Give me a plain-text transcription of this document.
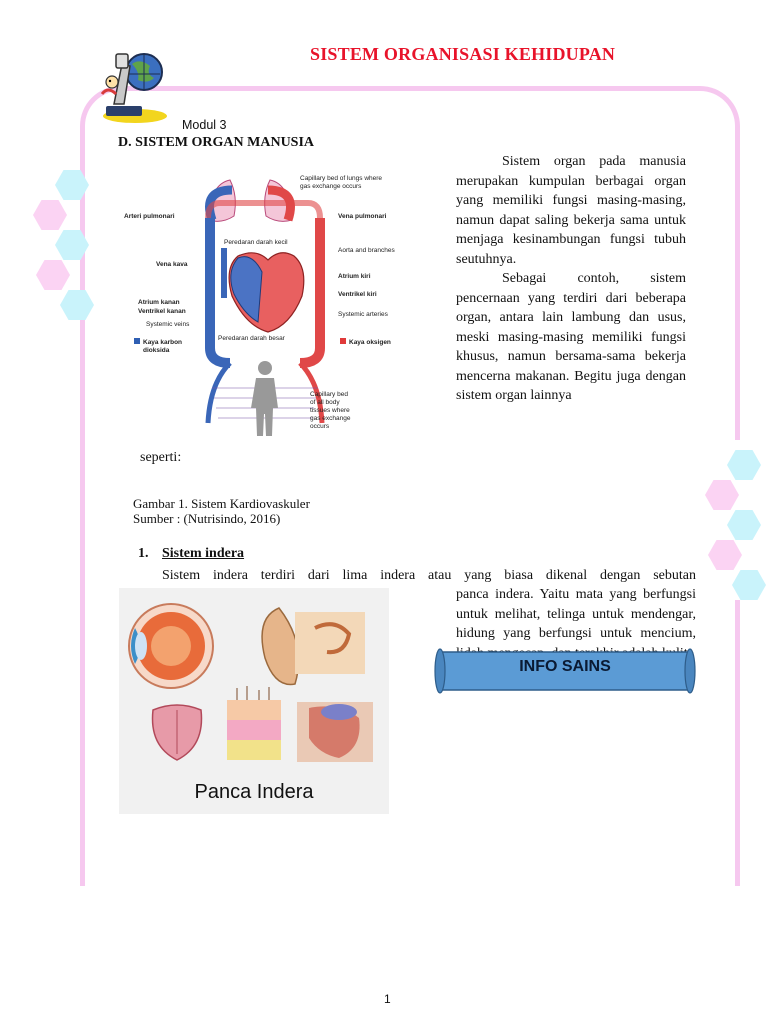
SISTEM ORGANISASI KEHIDUPAN
Modul 3
D. SISTEM ORGAN MANUSIA
Capillary bed of lungs where
gas exchange occurs
Arteri pulmonari	Vena pulmonari
Peredaran darah kecil
Aorta and branches
Vena kava
Atrium kiri
Ventrikel kiri
Atrium kanan
Ventrikel kanan	Systemic arteries
Systemic veins
Peredaran darah besar
Kaya karbon
dioksida
Kaya oksigen
Capillary bed
of all body
tissues where
gas exchange
occurs

Sistem organ pada manusia merupakan kumpulan berbagai organ yang memiliki fungsi masing-masing, namun dapat saling bekerja sama untuk menjaga kesinambungan fungsi tubuh seutuhnya.

Sebagai contoh, sistem pencernaan yang terdiri dari beberapa organ, antara lain lambung dan usus, meski masing-masing memiliki fungsi khusus, namun bersama-sama bekerja mencerna makanan. Begitu juga dengan sistem organ lainnya

seperti:
Gambar 1. Sistem Kardiovaskuler
Sumber : (Nutrisindo, 2016)
1. Sistem indera
Sistem indera terdiri dari lima indera atau yang biasa dikenal dengan sebutan
panca indera. Yaitu mata yang berfungsi untuk melihat, telinga untuk mendengar, hidung yang berfungsi untuk mencium,
Panca Indera
INFO SAINS
1
